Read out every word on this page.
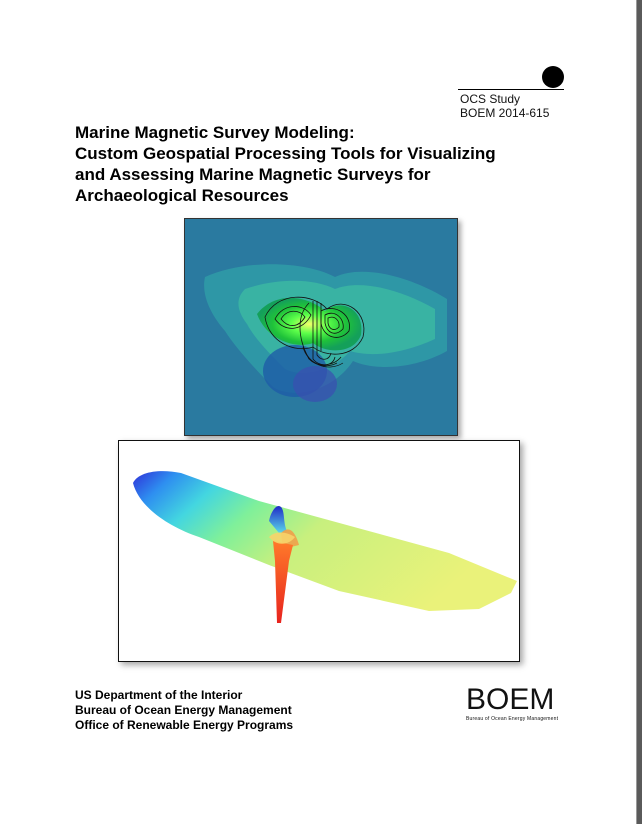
OCS Study
BOEM 2014-615
Marine Magnetic Survey Modeling:
Custom Geospatial Processing Tools for Visualizing
and Assessing Marine Magnetic Surveys for
Archaeological Resources
US Department of the Interior
Bureau of Ocean Energy Management
Office of Renewable Energy Programs
BOEM
Bureau of Ocean Energy Management
